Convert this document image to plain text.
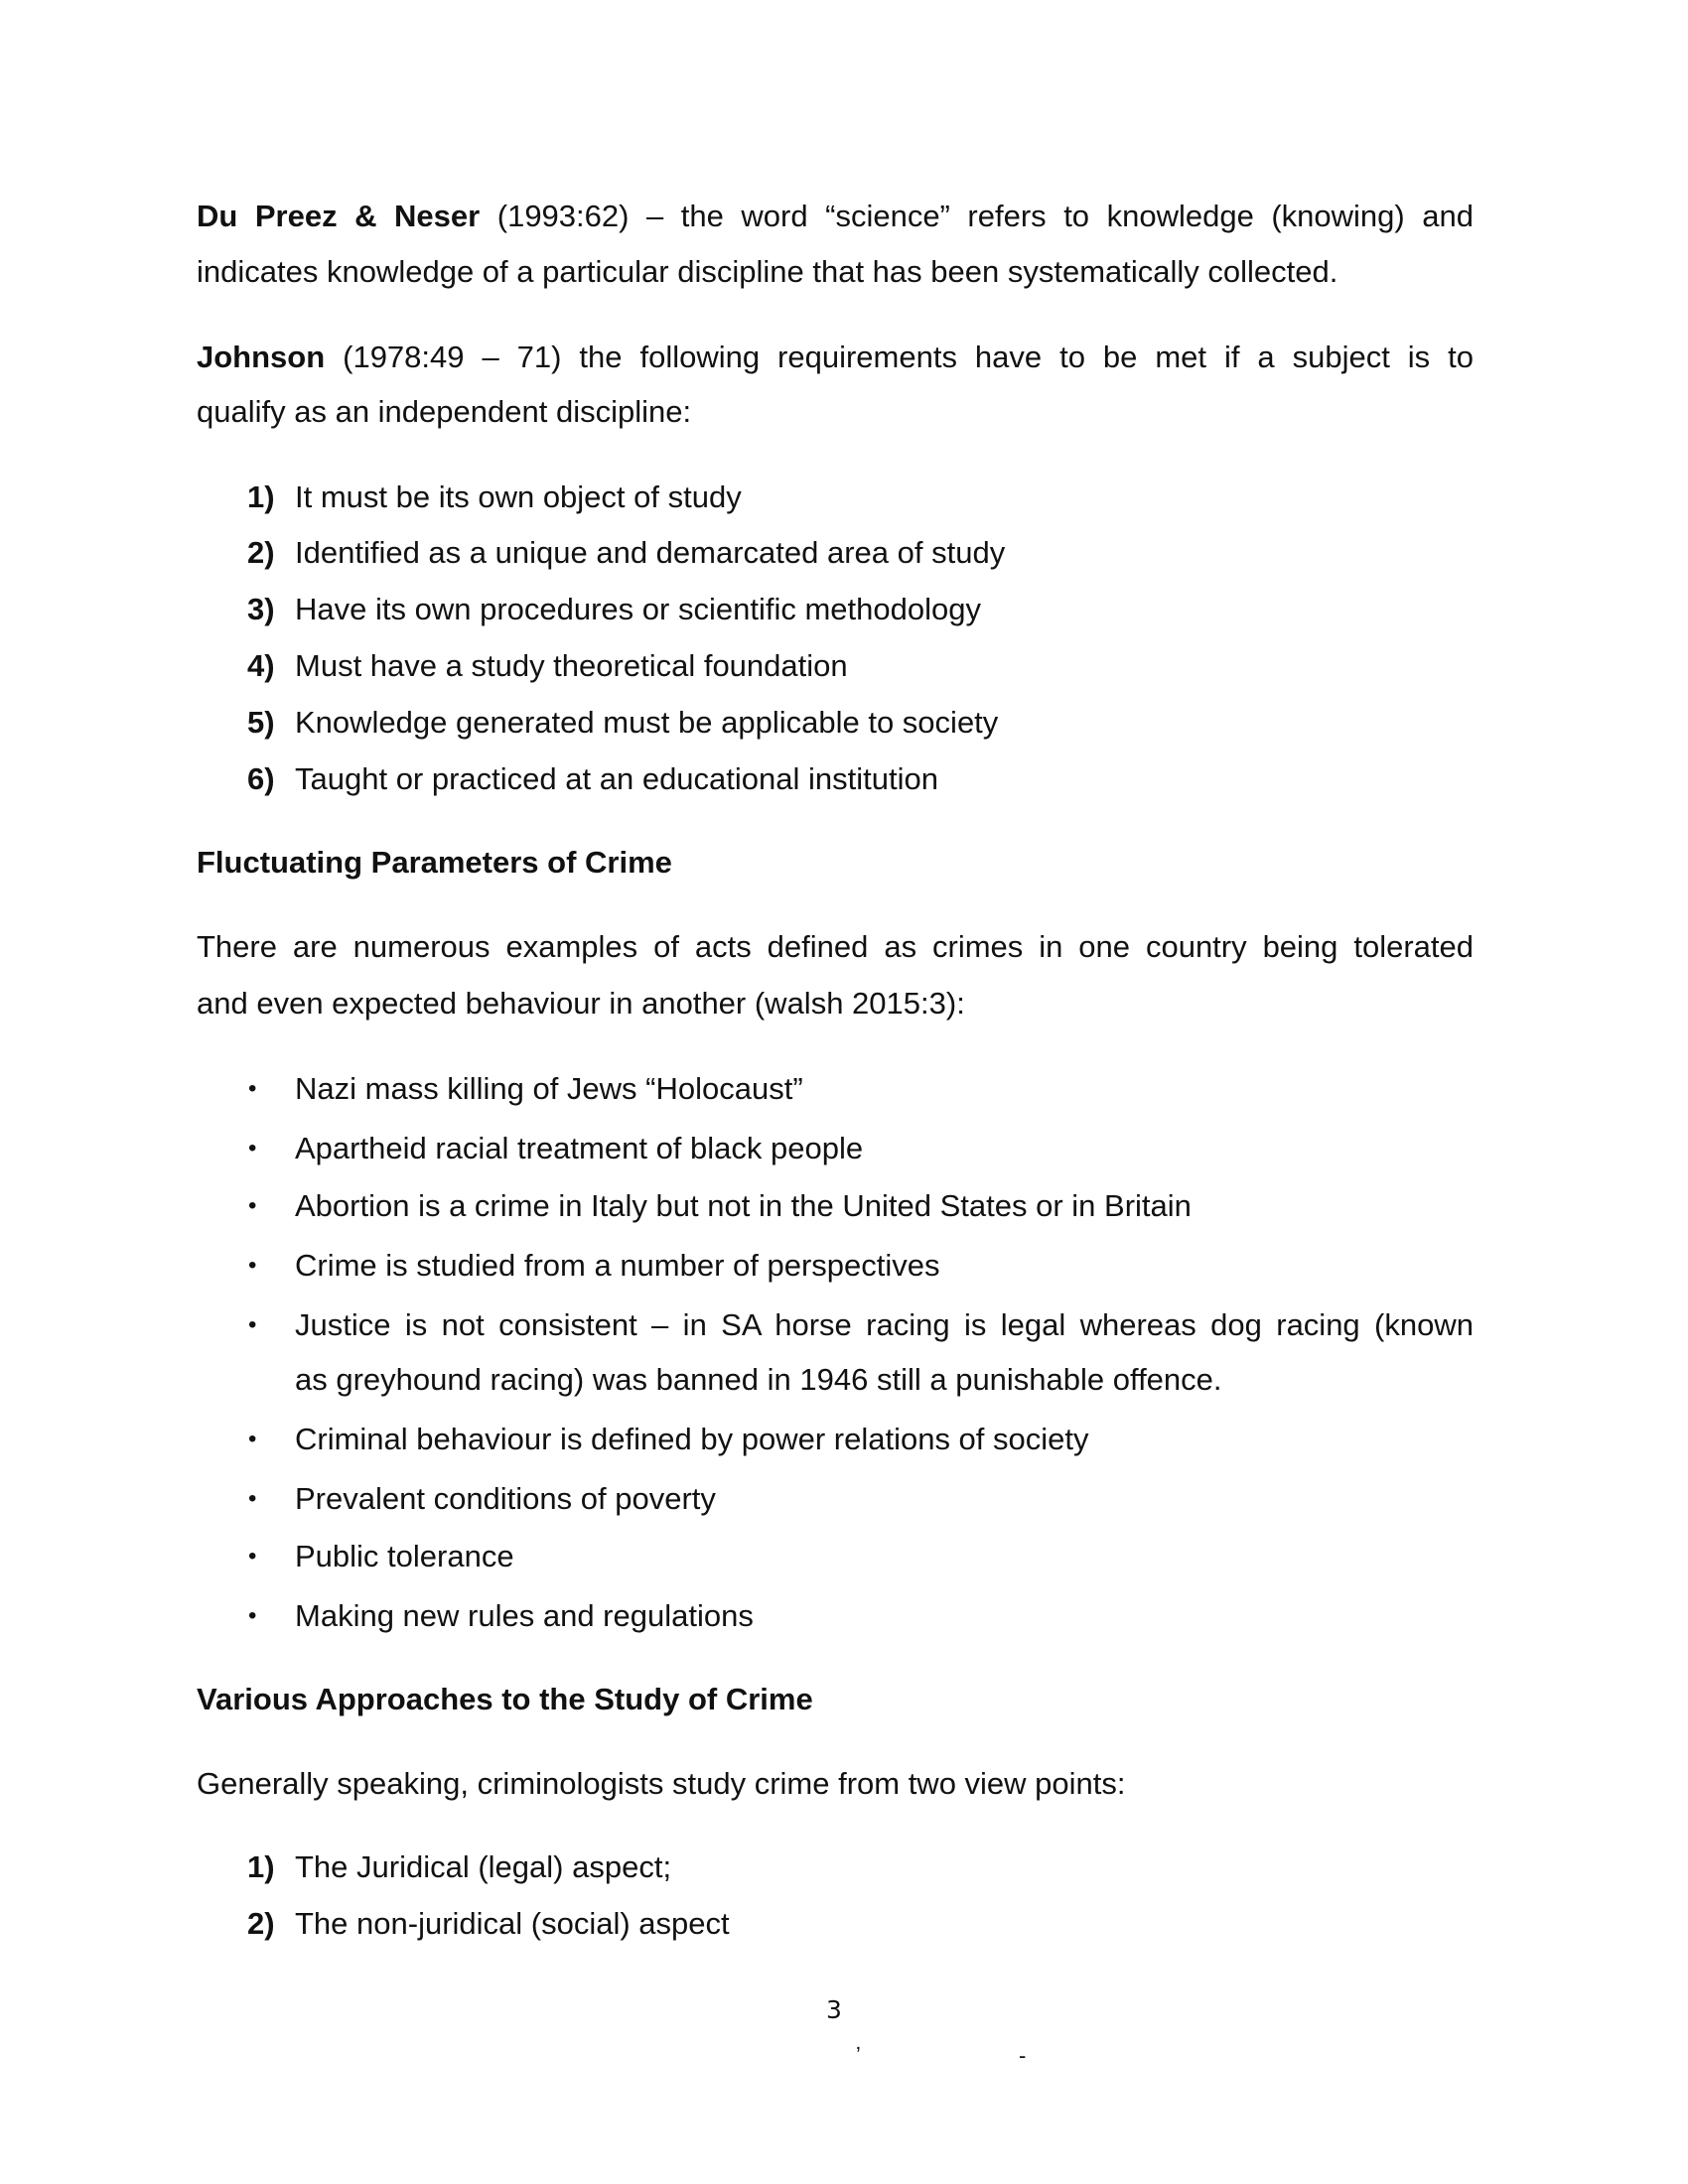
Du Preez & Neser (1993:62) – the word “science” refers to knowledge (knowing) and
indicates knowledge of a particular discipline that has been systematically collected.
Johnson (1978:49 – 71) the following requirements have to be met if a subject is to
qualify as an independent discipline:
1) It must be its own object of study
2) Identified as a unique and demarcated area of study
3) Have its own procedures or scientific methodology
4) Must have a study theoretical foundation
5) Knowledge generated must be applicable to society
6) Taught or practiced at an educational institution
Fluctuating Parameters of Crime
There are numerous examples of acts defined as crimes in one country being tolerated
and even expected behaviour in another (walsh 2015:3):
• Nazi mass killing of Jews “Holocaust”
• Apartheid racial treatment of black people
• Abortion is a crime in Italy but not in the United States or in Britain
• Crime is studied from a number of perspectives
• Justice is not consistent – in SA horse racing is legal whereas dog racing (known
as greyhound racing) was banned in 1946 still a punishable offence.
• Criminal behaviour is defined by power relations of society
• Prevalent conditions of poverty
• Public tolerance
• Making new rules and regulations
Various Approaches to the Study of Crime
Generally speaking, criminologists study crime from two view points:
1) The Juridical (legal) aspect;
2) The non-juridical (social) aspect
3
ʼ	-
